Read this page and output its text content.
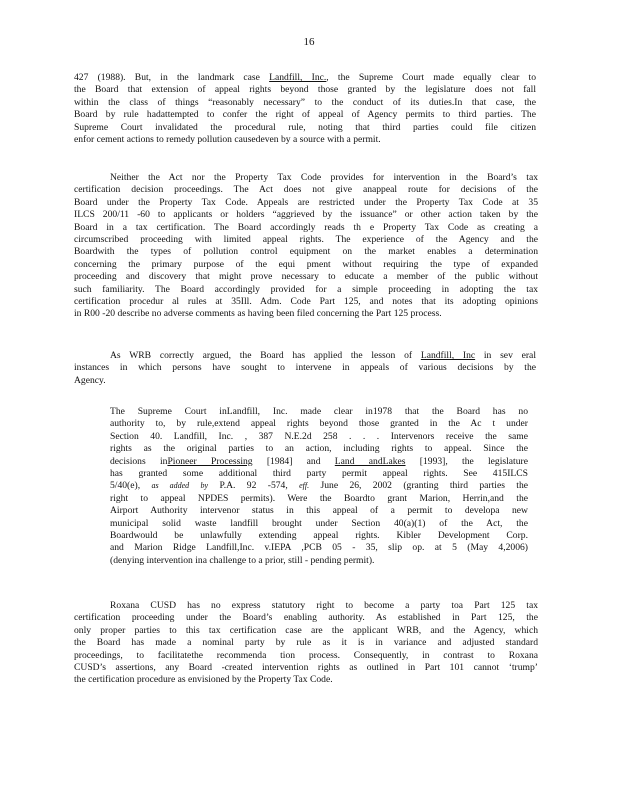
16
427 (1988). But, in the landmark case Landfill, Inc., the Supreme Court made equally clear to
the Board that extension of appeal rights beyond those granted by the legislature does not fall
within the class of things “reasonably necessary” to the conduct of its duties.In that case, the
Board by rule hadattempted to confer the right of appeal of Agency permits to third parties. The
Supreme Court invalidated the procedural rule, noting that third parties could file citizen
enfor cement actions to remedy pollution causedeven by a source with a permit.
Neither the Act nor the Property Tax Code provides for intervention in the Board’s tax
certification decision proceedings. The Act does not give anappeal route for decisions of the
Board under the Property Tax Code. Appeals are restricted under the Property Tax Code at 35
ILCS 200/11 -60 to applicants or holders “aggrieved by the issuance” or other action taken by the
Board in a tax certification. The Board accordingly reads th e Property Tax Code as creating a
circumscribed proceeding with limited appeal rights. The experience of the Agency and the
Boardwith the types of pollution control equipment on the market enables a determination
concerning the primary purpose of the equi pment without requiring the type of expanded
proceeding and discovery that might prove necessary to educate a member of the public without
such familiarity. The Board accordingly provided for a simple proceeding in adopting the tax
certification procedur al rules at 35Ill. Adm. Code Part 125, and notes that its adopting opinions
in R00 -20 describe no adverse comments as having been filed concerning the Part 125 process.
As WRB correctly argued, the Board has applied the lesson of Landfill, Inc in sev eral
instances in which persons have sought to intervene in appeals of various decisions by the
Agency.
The Supreme Court inLandfill, Inc. made clear in1978 that the Board has no
authority to, by rule,extend appeal rights beyond those granted in the Ac t under
Section 40. Landfill, Inc. , 387 N.E.2d 258 . . . Intervenors receive the same
rights as the original parties to an action, including rights to appeal. Since the
decisions inPioneer Processing [1984] and Land andLakes [1993], the legislature
has granted some additional third party permit appeal rights. See 415ILCS
5/40(e), as added by P.A. 92 -574, eff. June 26, 2002 (granting third parties the
right to appeal NPDES permits). Were the Boardto grant Marion, Herrin,and the
Airport Authority intervenor status in this appeal of a permit to developa new
municipal solid waste landfill brought under Section 40(a)(1) of the Act, the
Boardwould be unlawfully extending appeal rights. Kibler Development Corp.
and Marion Ridge Landfill,Inc. v.IEPA ,PCB 05 - 35, slip op. at 5 (May 4,2006)
(denying intervention ina challenge to a prior, still - pending permit).
Roxana CUSD has no express statutory right to become a party toa Part 125 tax
certification proceeding under the Board’s enabling authority. As established in Part 125, the
only proper parties to this tax certification case are the applicant WRB, and the Agency, which
the Board has made a nominal party by rule as it is in variance and adjusted standard
proceedings, to facilitatethe recommenda tion process. Consequently, in contrast to Roxana
CUSD’s assertions, any Board -created intervention rights as outlined in Part 101 cannot ‘trump’
the certification procedure as envisioned by the Property Tax Code.
